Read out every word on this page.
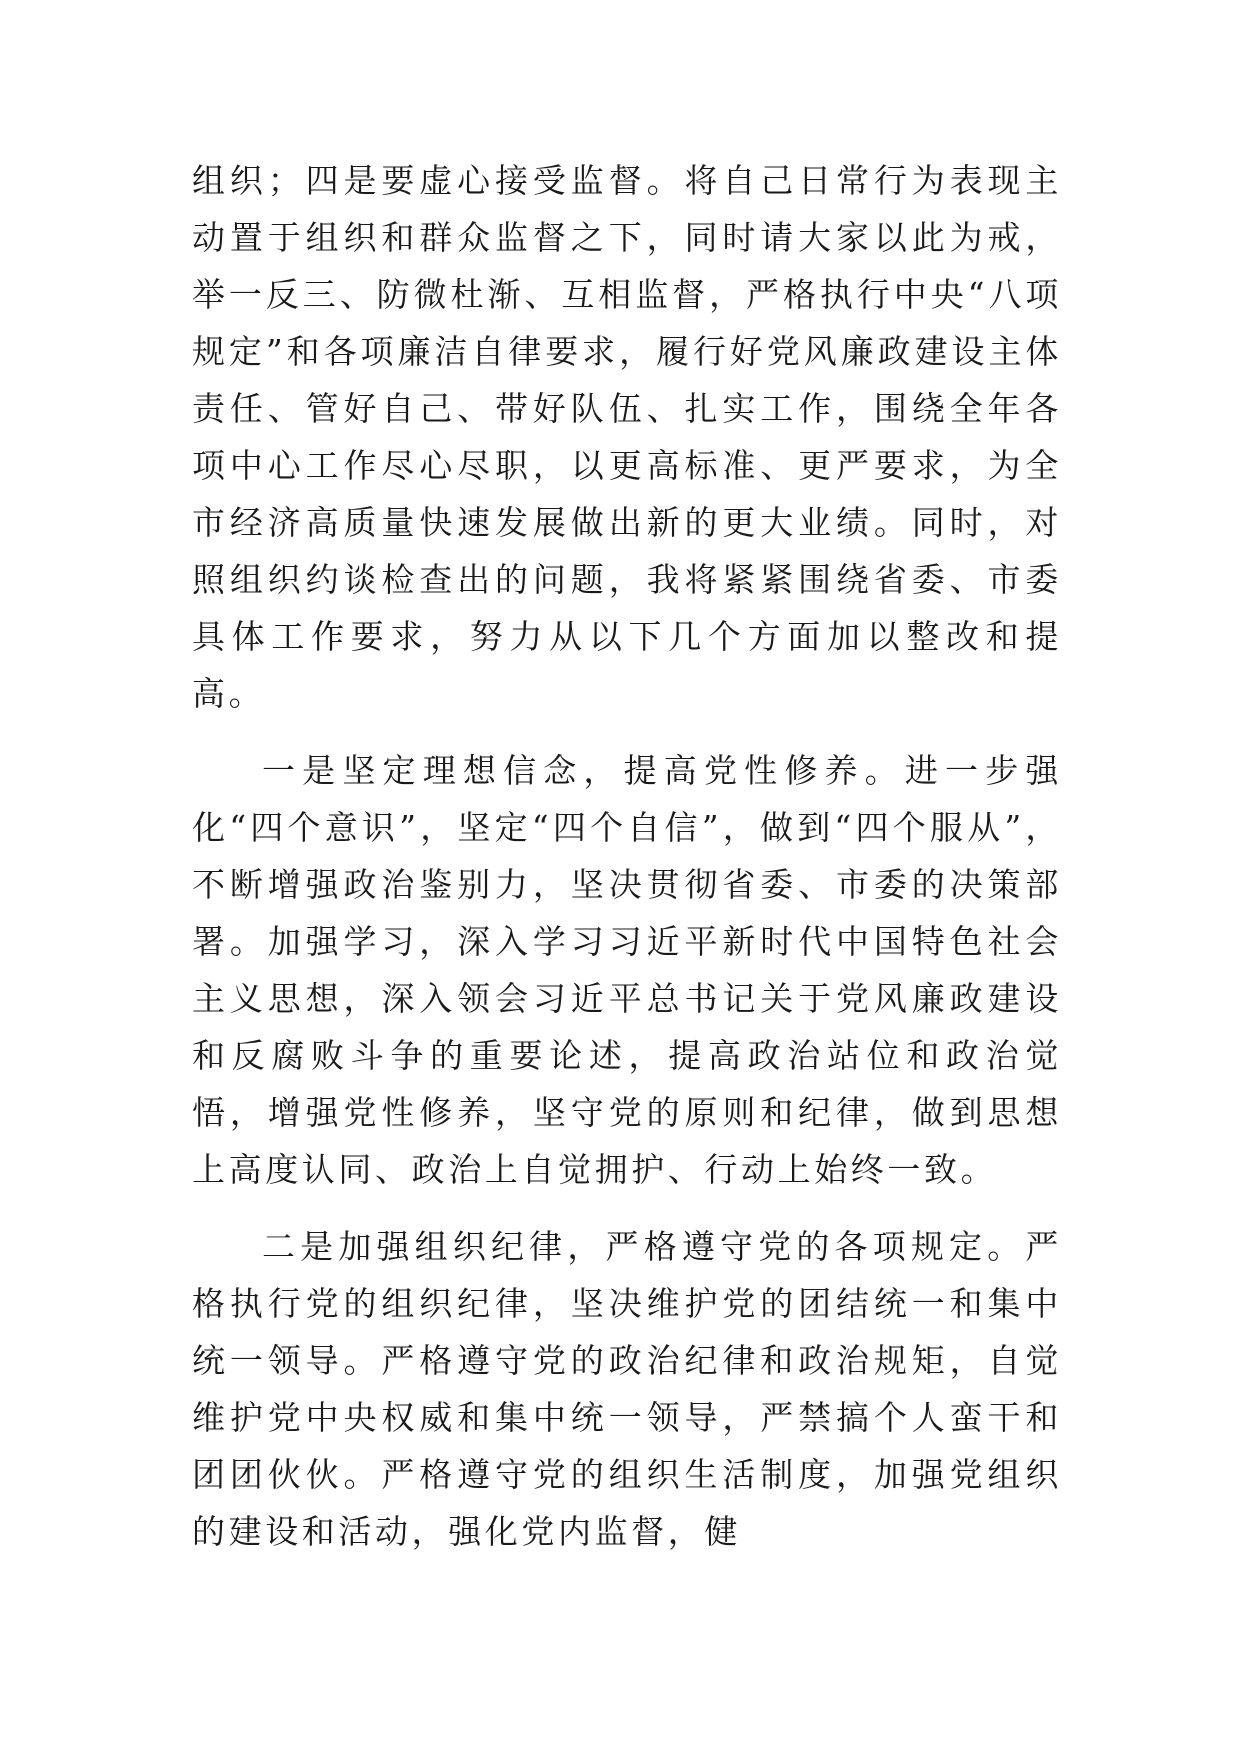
组织；四是要虚心接受监督。将自己日常行为表现主动置于组织和群众监督之下，同时请大家以此为戒，举一反三、防微杜渐、互相监督，严格执行中央“八项规定”和各项廉洁自律要求，履行好党风廉政建设主体责任、管好自己、带好队伍、扎实工作，围绕全年各项中心工作尽心尽职，以更高标准、更严要求，为全市经济高质量快速发展做出新的更大业绩。同时，对照组织约谈检查出的问题，我将紧紧围绕省委、市委具体工作要求，努力从以下几个方面加以整改和提高。

一是坚定理想信念，提高党性修养。进一步强化“四个意识”，坚定“四个自信”，做到“四个服从”，不断增强政治鉴别力，坚决贯彻省委、市委的决策部署。加强学习，深入学习习近平新时代中国特色社会主义思想，深入领会习近平总书记关于党风廉政建设和反腐败斗争的重要论述，提高政治站位和政治觉悟，增强党性修养，坚守党的原则和纪律，做到思想上高度认同、政治上自觉拥护、行动上始终一致。

二是加强组织纪律，严格遵守党的各项规定。严格执行党的组织纪律，坚决维护党的团结统一和集中统一领导。严格遵守党的政治纪律和政治规矩，自觉维护党中央权威和集中统一领导，严禁搞个人蛮干和团团伙伙。严格遵守党的组织生活制度，加强党组织的建设和活动，强化党内监督，健
